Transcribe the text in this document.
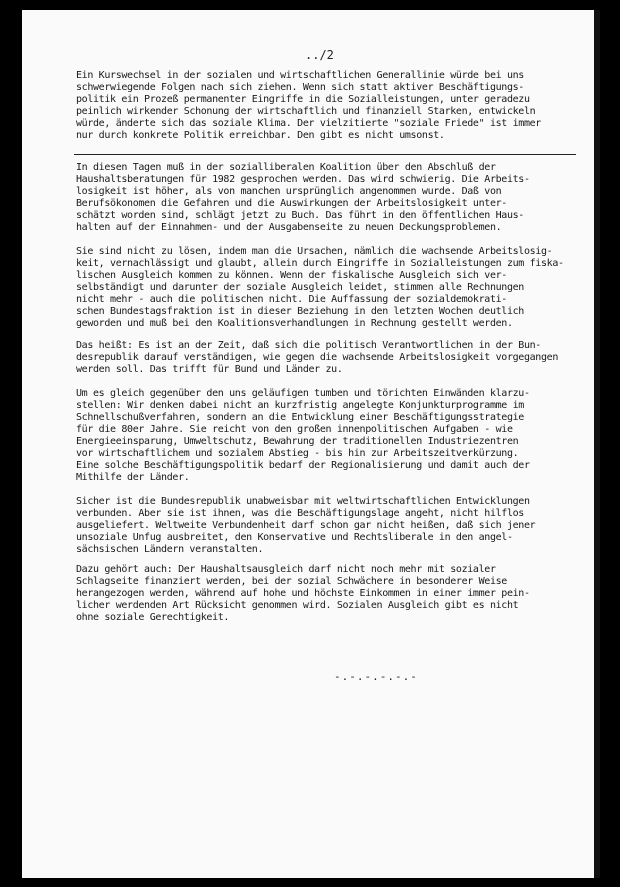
../2
Ein Kurswechsel in der sozialen und wirtschaftlichen Generallinie würde bei uns
schwerwiegende Folgen nach sich ziehen. Wenn sich statt aktiver Beschäftigungs-
politik ein Prozeß permanenter Eingriffe in die Sozialleistungen, unter geradezu
peinlich wirkender Schonung der wirtschaftlich und finanziell Starken, entwickeln
würde, änderte sich das soziale Klima. Der vielzitierte "soziale Friede" ist immer
nur durch konkrete Politik erreichbar. Den gibt es nicht umsonst.
In diesen Tagen muß in der sozialliberalen Koalition über den Abschluß der
Haushaltsberatungen für 1982 gesprochen werden. Das wird schwierig. Die Arbeits-
losigkeit ist höher, als von manchen ursprünglich angenommen wurde. Daß von
Berufsökonomen die Gefahren und die Auswirkungen der Arbeitslosigkeit unter-
schätzt worden sind, schlägt jetzt zu Buch. Das führt in den öffentlichen Haus-
halten auf der Einnahmen- und der Ausgabenseite zu neuen Deckungsproblemen.
Sie sind nicht zu lösen, indem man die Ursachen, nämlich die wachsende Arbeitslosig-
keit, vernachlässigt und glaubt, allein durch Eingriffe in Sozialleistungen zum fiska-
lischen Ausgleich kommen zu können. Wenn der fiskalische Ausgleich sich ver-
selbständigt und darunter der soziale Ausgleich leidet, stimmen alle Rechnungen
nicht mehr - auch die politischen nicht. Die Auffassung der sozialdemokrati-
schen Bundestagsfraktion ist in dieser Beziehung in den letzten Wochen deutlich
geworden und muß bei den Koalitionsverhandlungen in Rechnung gestellt werden.
Das heißt: Es ist an der Zeit, daß sich die politisch Verantwortlichen in der Bun-
desrepublik darauf verständigen, wie gegen die wachsende Arbeitslosigkeit vorgegangen
werden soll. Das trifft für Bund und Länder zu.
Um es gleich gegenüber den uns geläufigen tumben und törichten Einwänden klarzu-
stellen: Wir denken dabei nicht an kurzfristig angelegte Konjunkturprogramme im
Schnellschußverfahren, sondern an die Entwicklung einer Beschäftigungsstrategie
für die 80er Jahre. Sie reicht von den großen innenpolitischen Aufgaben - wie
Energieeinsparung, Umweltschutz, Bewahrung der traditionellen Industriezentren
vor wirtschaftlichem und sozialem Abstieg - bis hin zur Arbeitszeitverkürzung.
Eine solche Beschäftigungspolitik bedarf der Regionalisierung und damit auch der
Mithilfe der Länder.
Sicher ist die Bundesrepublik unabweisbar mit weltwirtschaftlichen Entwicklungen
verbunden. Aber sie ist ihnen, was die Beschäftigungslage angeht, nicht hilflos
ausgeliefert. Weltweite Verbundenheit darf schon gar nicht heißen, daß sich jener
unsoziale Unfug ausbreitet, den Konservative und Rechtsliberale in den angel-
sächsischen Ländern veranstalten.
Dazu gehört auch: Der Haushaltsausgleich darf nicht noch mehr mit sozialer
Schlagseite finanziert werden, bei der sozial Schwächere in besonderer Weise
herangezogen werden, während auf hohe und höchste Einkommen in einer immer pein-
licher werdenden Art Rücksicht genommen wird. Sozialen Ausgleich gibt es nicht
ohne soziale Gerechtigkeit.
-.-.-.-.-.-
